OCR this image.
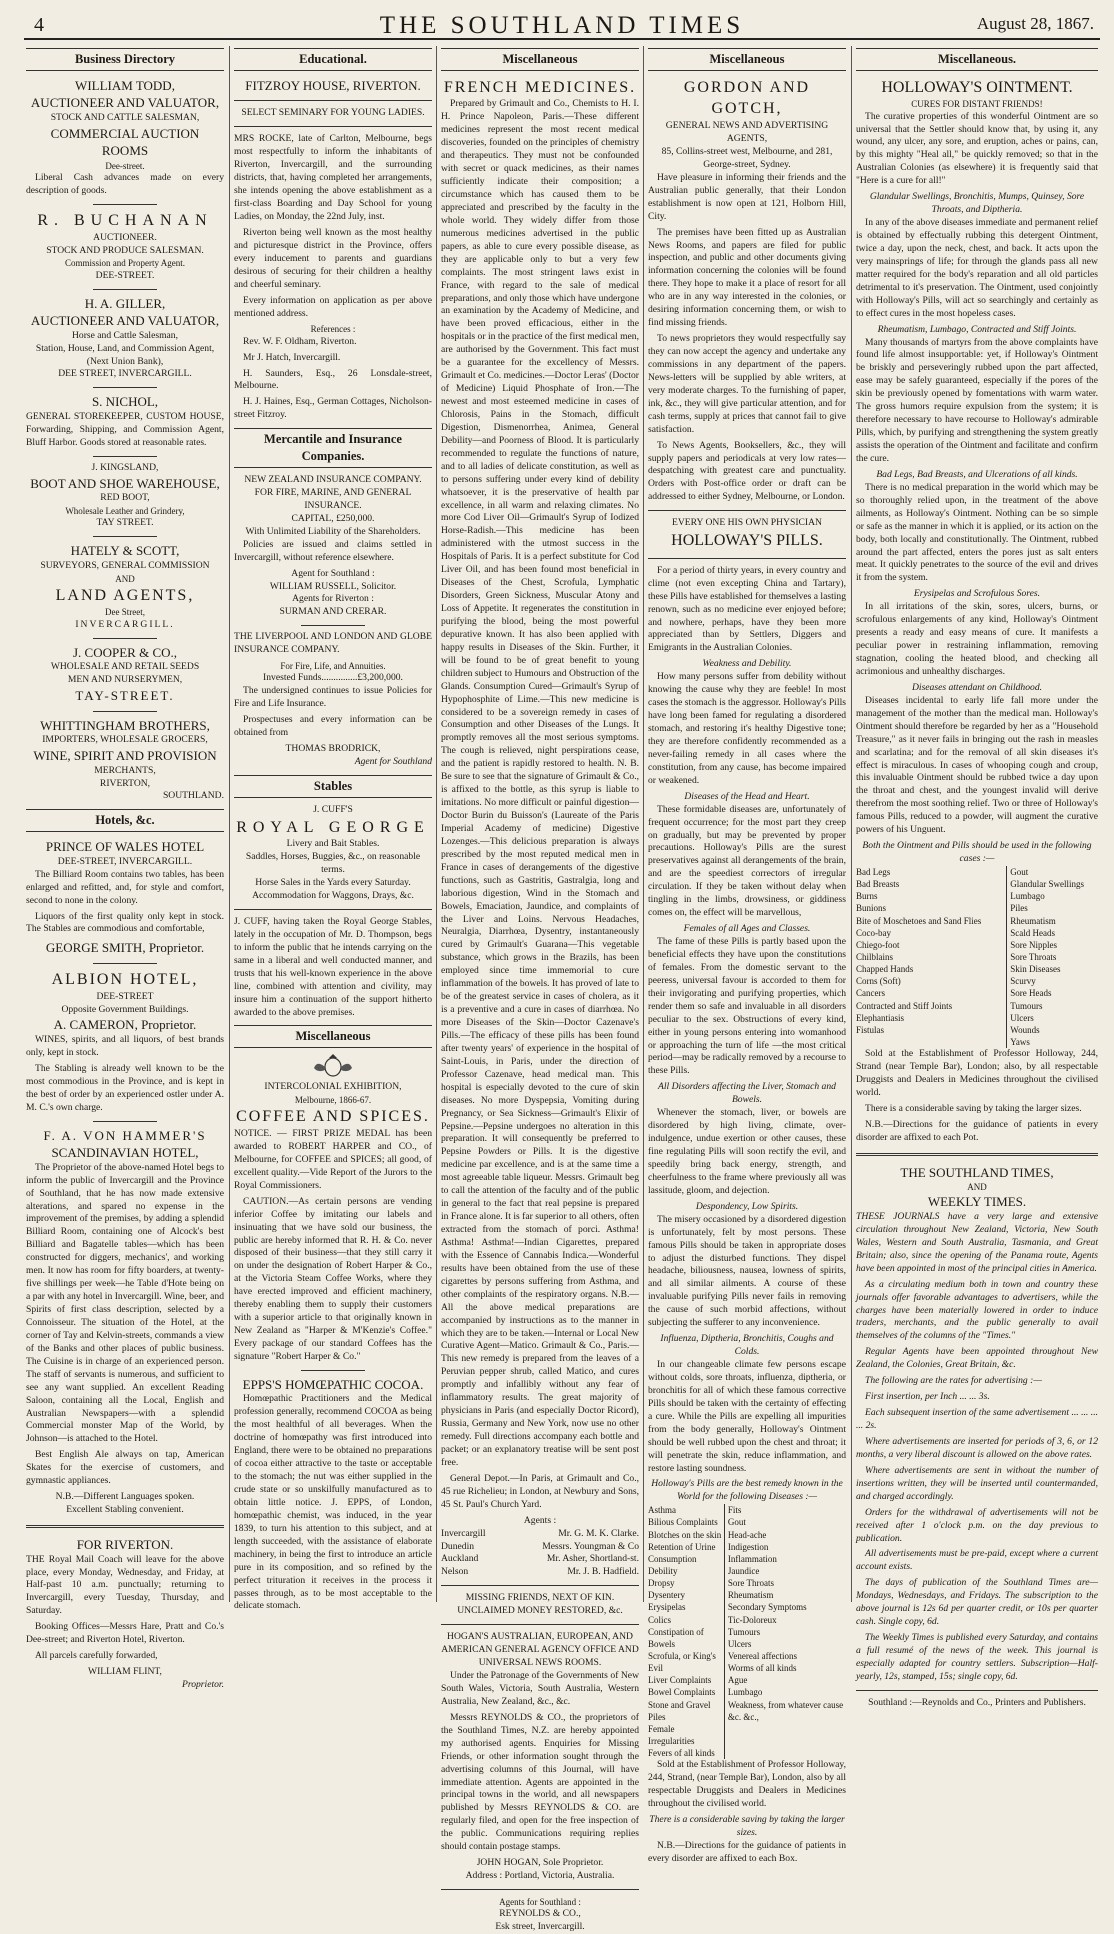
4	THE SOUTHLAND TIMES	August 28, 1867.
Business Directory
WILLIAM TODD,
AUCTIONEER AND VALUATOR,
STOCK AND CATTLE SALESMAN,
COMMERCIAL AUCTION ROOMS
Dee-street.

Liberal Cash advances made on every description of goods.

R. BUCHANAN
AUCTIONEER.
STOCK AND PRODUCE SALESMAN.
Commission and Property Agent.
DEE-STREET.
H. A. GILLER,
AUCTIONEER AND VALUATOR,
Horse and Cattle Salesman,
Station, House, Land, and Commission Agent,
(Next Union Bank),
DEE STREET, INVERCARGILL.
S. NICHOL,

GENERAL STOREKEEPER, CUSTOM HOUSE, Forwarding, Shipping, and Commission Agent, Bluff Harbor. Goods stored at reasonable rates.

J. KINGSLAND,
BOOT AND SHOE WAREHOUSE,
RED BOOT,
Wholesale Leather and Grindery,
TAY STREET.
HATELY & SCOTT,
SURVEYORS, GENERAL COMMISSION
AND
LAND AGENTS,
Dee Street,
INVERCARGILL.
J. COOPER & CO.,
WHOLESALE AND RETAIL SEEDS
MEN AND NURSERYMEN,
TAY-STREET.
WHITTINGHAM BROTHERS,
IMPORTERS, WHOLESALE GROCERS,
WINE, SPIRIT AND PROVISION
MERCHANTS,
RIVERTON,
SOUTHLAND.
Hotels, &c.
PRINCE OF WALES HOTEL
DEE-STREET, INVERCARGILL.

The Billiard Room contains two tables, has been enlarged and refitted, and, for style and comfort, second to none in the colony.

Liquors of the first quality only kept in stock. The Stables are commodious and comfortable,

GEORGE SMITH, Proprietor.
ALBION HOTEL,
DEE-STREET
Opposite Government Buildings.
A. CAMERON, Proprietor.

WINES, spirits, and all liquors, of best brands only, kept in stock.

The Stabling is already well known to be the most commodious in the Province, and is kept in the best of order by an experienced ostler under A. M. C.'s own charge.

F. A. VON HAMMER'S
SCANDINAVIAN HOTEL,

The Proprietor of the above-named Hotel begs to inform the public of Invercargill and the Province of Southland, that he has now made extensive alterations, and spared no expense in the improvement of the premises, by adding a splendid Billiard Room, containing one of Alcock's best Billiard and Bagatelle tables—which has been constructed for diggers, mechanics', and working men. It now has room for fifty boarders, at twenty-five shillings per week—he Table d'Hote being on a par with any hotel in Invercargill. Wine, beer, and Spirits of first class description, selected by a Connoisseur. The situation of the Hotel, at the corner of Tay and Kelvin-streets, commands a view of the Banks and other places of public business. The Cuisine is in charge of an experienced person. The staff of servants is numerous, and sufficient to see any want supplied. An excellent Reading Saloon, containing all the Local, English and Australian Newspapers—with a splendid Commercial monster Map of the World, by Johnson—is attached to the Hotel.

Best English Ale always on tap, American Skates for the exercise of customers, and gymnastic appliances.

N.B.—Different Languages spoken.
Excellent Stabling convenient.
FOR RIVERTON.

THE Royal Mail Coach will leave for the above place, every Monday, Wednesday, and Friday, at Half-past 10 a.m. punctually; returning to Invercargill, every Tuesday, Thursday, and Saturday.

Booking Offices—Messrs Hare, Pratt and Co.'s Dee-street; and Riverton Hotel, Riverton.

All parcels carefully forwarded,

WILLIAM FLINT,
Proprietor.
Educational.
FITZROY HOUSE, RIVERTON.
SELECT SEMINARY FOR YOUNG LADIES.

MRS ROCKE, late of Carlton, Melbourne, begs most respectfully to inform the inhabitants of Riverton, Invercargill, and the surrounding districts, that, having completed her arrangements, she intends opening the above establishment as a first-class Boarding and Day School for young Ladies, on Monday, the 22nd July, inst.

Riverton being well known as the most healthy and picturesque district in the Province, offers every inducement to parents and guardians desirous of securing for their children a healthy and cheerful seminary.

Every information on application as per above mentioned address.

References :

Rev. W. F. Oldham, Riverton.

Mr J. Hatch, Invercargill.

H. Saunders, Esq., 26 Lonsdale-street, Melbourne.

H. J. Haines, Esq., German Cottages, Nicholson-street Fitzroy.

Mercantile and Insurance Companies.
NEW ZEALAND INSURANCE COMPANY.
FOR FIRE, MARINE, AND GENERAL INSURANCE.
CAPITAL, £250,000.
With Unlimited Liability of the Shareholders.

Policies are issued and claims settled in Invercargill, without reference elsewhere.

Agent for Southland :
WILLIAM RUSSELL, Solicitor.
Agents for Riverton :
SURMAN AND CRERAR.

THE LIVERPOOL AND LONDON AND GLOBE INSURANCE COMPANY.

For Fire, Life, and Annuities.
Invested Funds...............£3,200,000.

The undersigned continues to issue Policies for Fire and Life Insurance.

Prospectuses and every information can be obtained from

THOMAS BRODRICK,
Agent for Southland
Stables
J. CUFF'S
ROYAL GEORGE
Livery and Bait Stables.
Saddles, Horses, Buggies, &c., on reasonable terms.
Horse Sales in the Yards every Saturday.
Accommodation for Waggons, Drays, &c.

J. CUFF, having taken the Royal George Stables, lately in the occupation of Mr. D. Thompson, begs to inform the public that he intends carrying on the same in a liberal and well conducted manner, and trusts that his well-known experience in the above line, combined with attention and civility, may insure him a continuation of the support hitherto awarded to the above premises.

Miscellaneous
INTERCOLONIAL EXHIBITION,
Melbourne, 1866-67.
COFFEE AND SPICES.

NOTICE. — FIRST PRIZE MEDAL has been awarded to ROBERT HARPER and CO., of Melbourne, for COFFEE and SPICES; all good, of excellent quality.—Vide Report of the Jurors to the Royal Commissioners.

CAUTION.—As certain persons are vending inferior Coffee by imitating our labels and insinuating that we have sold our business, the public are hereby informed that R. H. & Co. never disposed of their business—that they still carry it on under the designation of Robert Harper & Co., at the Victoria Steam Coffee Works, where they have erected improved and efficient machinery, thereby enabling them to supply their customers with a superior article to that originally known in New Zealand as "Harper & M'Kenzie's Coffee." Every package of our standard Coffees has the signature "Robert Harper & Co."

EPPS'S HOMŒPATHIC COCOA.

Homœpathic Practitioners and the Medical profession generally, recommend COCOA as being the most healthful of all beverages. When the doctrine of homœpathy was first introduced into England, there were to be obtained no preparations of cocoa either attractive to the taste or acceptable to the stomach; the nut was either supplied in the crude state or so unskilfully manufactured as to obtain little notice. J. EPPS, of London, homœpathic chemist, was induced, in the year 1839, to turn his attention to this subject, and at length succeeded, with the assistance of elaborate machinery, in being the first to introduce an article pure in its composition, and so refined by the perfect trituration it receives in the process it passes through, as to be most acceptable to the delicate stomach.

Miscellaneous
FRENCH MEDICINES.

Prepared by Grimault and Co., Chemists to H. I. H. Prince Napoleon, Paris.—These different medicines represent the most recent medical discoveries, founded on the principles of chemistry and therapeutics. They must not be confounded with secret or quack medicines, as their names sufficiently indicate their composition; a circumstance which has caused them to be appreciated and prescribed by the faculty in the whole world. They widely differ from those numerous medicines advertised in the public papers, as able to cure every possible disease, as they are applicable only to but a very few complaints. The most stringent laws exist in France, with regard to the sale of medical preparations, and only those which have undergone an examination by the Academy of Medicine, and have been proved efficacious, either in the hospitals or in the practice of the first medical men, are authorised by the Government. This fact must be a guarantee for the excellency of Messrs. Grimault et Co. medicines.—Doctor Leras' (Doctor of Medicine) Liquid Phosphate of Iron.—The newest and most esteemed medicine in cases of Chlorosis, Pains in the Stomach, difficult Digestion, Dismenorrhea, Animea, General Debility—and Poorness of Blood. It is particularly recommended to regulate the functions of nature, and to all ladies of delicate constitution, as well as to persons suffering under every kind of debility whatsoever, it is the preservative of health par excellence, in all warm and relaxing climates. No more Cod Liver Oil—Grimault's Syrup of Iodized Horse-Radish.—This medicine has been administered with the utmost success in the Hospitals of Paris. It is a perfect substitute for Cod Liver Oil, and has been found most beneficial in Diseases of the Chest, Scrofula, Lymphatic Disorders, Green Sickness, Muscular Atony and Loss of Appetite. It regenerates the constitution in purifying the blood, being the most powerful depurative known. It has also been applied with happy results in Diseases of the Skin. Further, it will be found to be of great benefit to young children subject to Humours and Obstruction of the Glands. Consumption Cured—Grimault's Syrup of Hypophosphite of Lime.—This new medicine is considered to be a sovereign remedy in cases of Consumption and other Diseases of the Lungs. It promptly removes all the most serious symptoms. The cough is relieved, night perspirations cease, and the patient is rapidly restored to health. N. B. Be sure to see that the signature of Grimault & Co., is affixed to the bottle, as this syrup is liable to imitations. No more difficult or painful digestion—Doctor Burin du Buisson's (Laureate of the Paris Imperial Academy of medicine) Digestive Lozenges.—This delicious preparation is always prescribed by the most reputed medical men in France in cases of derangements of the digestive functions, such as Gastritis, Gastralgia, long and laborious digestion, Wind in the Stomach and Bowels, Emaciation, Jaundice, and complaints of the Liver and Loins. Nervous Headaches, Neuralgia, Diarrhœa, Dysentry, instantaneously cured by Grimault's Guarana—This vegetable substance, which grows in the Brazils, has been employed since time immemorial to cure inflammation of the bowels. It has proved of late to be of the greatest service in cases of cholera, as it is a preventive and a cure in cases of diarrhœa. No more Diseases of the Skin—Doctor Cazenave's Pills.—The efficacy of these pills has been found after twenty years' of experience in the hospital of Saint-Louis, in Paris, under the direction of Professor Cazenave, head medical man. This hospital is especially devoted to the cure of skin diseases. No more Dyspepsia, Vomiting during Pregnancy, or Sea Sickness—Grimault's Elixir of Pepsine.—Pepsine undergoes no alteration in this preparation. It will consequently be preferred to Pepsine Powders or Pills. It is the digestive medicine par excellence, and is at the same time a most agreeable table liqueur. Messrs. Grimault beg to call the attention of the faculty and of the public in general to the fact that real pepsine is prepared in France alone. It is far superior to all others, often extracted from the stomach of porci. Asthma! Asthma! Asthma!—Indian Cigarettes, prepared with the Essence of Cannabis Indica.—Wonderful results have been obtained from the use of these cigarettes by persons suffering from Asthma, and other complaints of the respiratory organs. N.B.—All the above medical preparations are accompanied by instructions as to the manner in which they are to be taken.—Internal or Local New Curative Agent—Matico. Grimault & Co., Paris.—This new remedy is prepared from the leaves of a Peruvian pepper shrub, called Matico, and cures promptly and infallibly without any fear of inflammatory results. The great majority of physicians in Paris (and especially Doctor Ricord), Russia, Germany and New York, now use no other remedy. Full directions accompany each bottle and packet; or an explanatory treatise will be sent post free.

General Depot.—In Paris, at Grimault and Co., 45 rue Richelieu; in London, at Newbury and Sons, 45 St. Paul's Church Yard.

Agents :
Invercargill	Mr. G. M. K. Clarke.
Dunedin	Messrs. Youngman & Co
Auckland	Mr. Asher, Shortland-st.
Nelson	Mr. J. B. Hadfield.
MISSING FRIENDS, NEXT OF KIN. UNCLAIMED MONEY RESTORED, &c.
HOGAN'S AUSTRALIAN, EUROPEAN, AND AMERICAN GENERAL AGENCY OFFICE AND UNIVERSAL NEWS ROOMS.

Under the Patronage of the Governments of New South Wales, Victoria, South Australia, Western Australia, New Zealand, &c., &c.

Messrs REYNOLDS & CO., the proprietors of the Southland Times, N.Z. are hereby appointed my authorised agents. Enquiries for Missing Friends, or other information sought through the advertising columns of this Journal, will have immediate attention. Agents are appointed in the principal towns in the world, and all newspapers published by Messrs REYNOLDS & CO. are regularly filed, and open for the free inspection of the public. Communications requiring replies should contain postage stamps.

JOHN HOGAN, Sole Proprietor.
Address : Portland, Victoria, Australia.
Agents for Southland :
REYNOLDS & CO.,
Esk street, Invercargill.
Miscellaneous
GORDON AND GOTCH,
GENERAL NEWS AND ADVERTISING AGENTS,
85, Collins-street west, Melbourne, and 281, George-street, Sydney.

Have pleasure in informing their friends and the Australian public generally, that their London establishment is now open at 121, Holborn Hill, City.

The premises have been fitted up as Australian News Rooms, and papers are filed for public inspection, and public and other documents giving information concerning the colonies will be found there. They hope to make it a place of resort for all who are in any way interested in the colonies, or desiring information concerning them, or wish to find missing friends.

To news proprietors they would respectfully say they can now accept the agency and undertake any commissions in any department of the papers. News-letters will be supplied by able writers, at very moderate charges. To the furnishing of paper, ink, &c., they will give particular attention, and for cash terms, supply at prices that cannot fail to give satisfaction.

To News Agents, Booksellers, &c., they will supply papers and periodicals at very low rates—despatching with greatest care and punctuality. Orders with Post-office order or draft can be addressed to either Sydney, Melbourne, or London.

EVERY ONE HIS OWN PHYSICIAN
HOLLOWAY'S PILLS.

For a period of thirty years, in every country and clime (not even excepting China and Tartary), these Pills have established for themselves a lasting renown, such as no medicine ever enjoyed before; and nowhere, perhaps, have they been more appreciated than by Settlers, Diggers and Emigrants in the Australian Colonies.

Weakness and Debility.

How many persons suffer from debility without knowing the cause why they are feeble! In most cases the stomach is the aggressor. Holloway's Pills have long been famed for regulating a disordered stomach, and restoring it's healthy Digestive tone; they are therefore confidently recommended as a never-failing remedy in all cases where the constitution, from any cause, has become impaired or weakened.

Diseases of the Head and Heart.

These formidable diseases are, unfortunately of frequent occurrence; for the most part they creep on gradually, but may be prevented by proper precautions. Holloway's Pills are the surest preservatives against all derangements of the brain, and are the speediest correctors of irregular circulation. If they be taken without delay when tingling in the limbs, drowsiness, or giddiness comes on, the effect will be marvellous,

Females of all Ages and Classes.

The fame of these Pills is partly based upon the beneficial effects they have upon the constitutions of females. From the domestic servant to the peeress, universal favour is accorded to them for their invigorating and purifying properties, which render them so safe and invaluable in all disorders peculiar to the sex. Obstructions of every kind, either in young persons entering into womanhood or approaching the turn of life —the most critical period—may be radically removed by a recourse to these Pills.

All Disorders affecting the Liver, Stomach and Bowels.

Whenever the stomach, liver, or bowels are disordered by high living, climate, over-indulgence, undue exertion or other causes, these fine regulating Pills will soon rectify the evil, and speedily bring back energy, strength, and cheerfulness to the frame where previously all was lassitude, gloom, and dejection.

Despondency, Low Spirits.

The misery occasioned by a disordered digestion is unfortunately, felt by most persons. These famous Pills should be taken in appropriate doses to adjust the disturbed functions. They dispel headache, biliousness, nausea, lowness of spirits, and all similar ailments. A course of these invaluable purifying Pills never fails in removing the cause of such morbid affections, without subjecting the sufferer to any inconvenience.

Influenza, Diptheria, Bronchitis, Coughs and Colds.

In our changeable climate few persons escape without colds, sore throats, influenza, diptheria, or bronchitis for all of which these famous corrective Pills should be taken with the certainty of effecting a cure. While the Pills are expelling all impurities from the body generally, Holloway's Ointment should be well rubbed upon the chest and throat; it will penetrate the skin, reduce inflammation, and restore lasting soundness.

Holloway's Pills are the best remedy known in the World for the following Diseases :—
Asthma
Bilious Complaints
Blotches on the skin
Retention of Urine
Consumption
Debility
Dropsy
Dysentery
Erysipelas
Colics
Constipation of Bowels
Scrofula, or King's Evil
Liver Complaints
Bowel Complaints
Stone and Gravel
Piles
Female Irregularities
Fevers of all kinds

Fits
Gout
Head-ache
Indigestion
Inflammation
Jaundice
Sore Throats
Rheumatism
Secondary Symptoms
Tic-Doloreux
Tumours
Ulcers
Venereal affections
Worms of all kinds
Ague
Lumbago
Weakness, from whatever cause &c. &c.,

Sold at the Establishment of Professor Holloway, 244, Strand, (near Temple Bar), London, also by all respectable Druggists and Dealers in Medicines throughout the civilised world.

There is a considerable saving by taking the larger sizes.

N.B.—Directions for the guidance of patients in every disorder are affixed to each Box.

Miscellaneous.
HOLLOWAY'S OINTMENT.
CURES FOR DISTANT FRIENDS!

The curative properties of this wonderful Ointment are so universal that the Settler should know that, by using it, any wound, any ulcer, any sore, and eruption, aches or pains, can, by this mighty "Heal all," be quickly removed; so that in the Australian Colonies (as elsewhere) it is frequently said that "Here is a cure for all!"

Glandular Swellings, Bronchitis, Mumps, Quinsey, Sore Throats, and Diptheria.

In any of the above diseases immediate and permanent relief is obtained by effectually rubbing this detergent Ointment, twice a day, upon the neck, chest, and back. It acts upon the very mainsprings of life; for through the glands pass all new matter required for the body's reparation and all old particles detrimental to it's preservation. The Ointment, used conjointly with Holloway's Pills, will act so searchingly and certainly as to effect cures in the most hopeless cases.

Rheumatism, Lumbago, Contracted and Stiff Joints.

Many thousands of martyrs from the above complaints have found life almost insupportable: yet, if Holloway's Ointment be briskly and perseveringly rubbed upon the part affected, ease may be safely guaranteed, especially if the pores of the skin be previously opened by fomentations with warm water. The gross humors require expulsion from the system; it is therefore necessary to have recourse to Holloway's admirable Pills, which, by purifying and strengthening the system greatly assists the operation of the Ointment and facilitate and confirm the cure.

Bad Legs, Bad Breasts, and Ulcerations of all kinds.

There is no medical preparation in the world which may be so thoroughly relied upon, in the treatment of the above ailments, as Holloway's Ointment. Nothing can be so simple or safe as the manner in which it is applied, or its action on the body, both locally and constitutionally. The Ointment, rubbed around the part affected, enters the pores just as salt enters meat. It quickly penetrates to the source of the evil and drives it from the system.

Erysipelas and Scrofulous Sores.

In all irritations of the skin, sores, ulcers, burns, or scrofulous enlargements of any kind, Holloway's Ointment presents a ready and easy means of cure. It manifests a peculiar power in restraining inflammation, removing stagnation, cooling the heated blood, and checking all acrimonious and unhealthy discharges.

Diseases attendant on Childhood.

Diseases incidental to early life fall more under the management of the mother than the medical man. Holloway's Ointment should therefore be regarded by her as a "Household Treasure," as it never fails in bringing out the rash in measles and scarlatina; and for the removal of all skin diseases it's effect is miraculous. In cases of whooping cough and croup, this invaluable Ointment should be rubbed twice a day upon the throat and chest, and the youngest invalid will derive therefrom the most soothing relief. Two or three of Holloway's famous Pills, reduced to a powder, will augment the curative powers of his Unguent.

Both the Ointment and Pills should be used in the following cases :—
Bad Legs
Bad Breasts
Burns
Bunions
Bite of Moschetoes and Sand Flies
Coco-bay
Chiego-foot
Chilblains
Chapped Hands
Corns (Soft)
Cancers
Contracted and Stiff Joints
Elephantiasis
Fistulas

Gout
Glandular Swellings
Lumbago
Piles
Rheumatism
Scald Heads
Sore Nipples
Sore Throats
Skin Diseases
Scurvy
Sore Heads
Tumours
Ulcers
Wounds
Yaws

Sold at the Establishment of Professor Holloway, 244, Strand (near Temple Bar), London; also, by all respectable Druggists and Dealers in Medicines throughout the civilised world.

There is a considerable saving by taking the larger sizes.

N.B.—Directions for the guidance of patients in every disorder are affixed to each Pot.

THE SOUTHLAND TIMES,
AND
WEEKLY TIMES.

THESE JOURNALS have a very large and extensive circulation throughout New Zealand, Victoria, New South Wales, Western and South Australia, Tasmania, and Great Britain; also, since the opening of the Panama route, Agents have been appointed in most of the principal cities in America.

As a circulating medium both in town and country these journals offer favorable advantages to advertisers, while the charges have been materially lowered in order to induce traders, merchants, and the public generally to avail themselves of the columns of the "Times."

Regular Agents have been appointed throughout New Zealand, the Colonies, Great Britain, &c.

The following are the rates for advertising :—

First insertion, per Inch ... ... 3s.

Each subsequent insertion of the same advertisement ... ... ... ... 2s.

Where advertisements are inserted for periods of 3, 6, or 12 months, a very liberal discount is allowed on the above rates.

Where advertisements are sent in without the number of insertions written, they will be inserted until countermanded, and charged accordingly.

Orders for the withdrawal of advertisements will not be received after 1 o'clock p.m. on the day previous to publication.

All advertisements must be pre-paid, except where a current account exists.

The days of publication of the Southland Times are—Mondays, Wednesdays, and Fridays. The subscription to the above journal is 12s 6d per quarter credit, or 10s per quarter cash. Single copy, 6d.

The Weekly Times is published every Saturday, and contains a full resumé of the news of the week. This journal is especially adapted for country settlers. Subscription—Half-yearly, 12s, stamped, 15s; single copy, 6d.

Southland :—Reynolds and Co., Printers and Publishers.
